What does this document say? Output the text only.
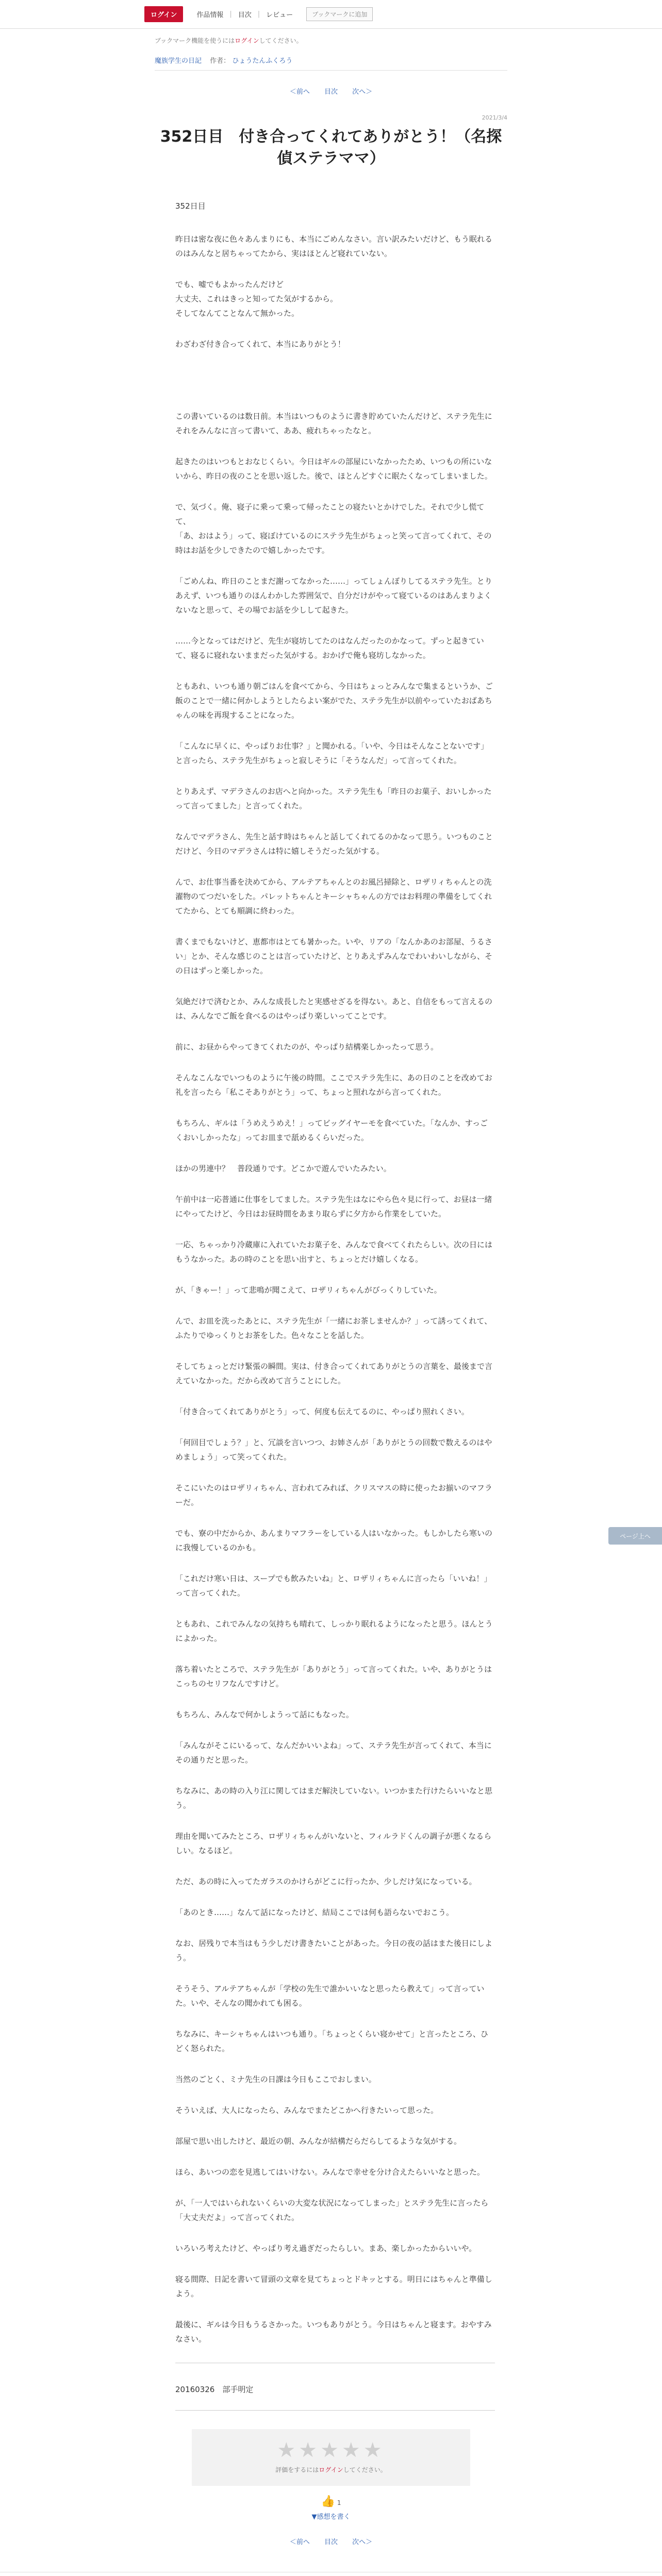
ログイン	作品情報 | 目次 | レビュー	ブックマークに追加
ブックマーク機能を使うにはログインしてください。
魔族学生の日記 作者： ひょうたんふくろう
＜前へ 目次 次へ＞
2021/3/4
352日目　付き合ってくれてありがとう！（名探偵ステラママ）
352日目

昨日は密な夜に色々あんまりにも、本当にごめんなさい。言い訳みたいだけど、もう眠れるのはみんなと居ちゃってたから、実はほとんど寝れていない。

でも、嘘でもよかったんだけど
大丈夫、これはきっと知ってた気がするから。
そしてなんてことなんて無かった。

わざわざ付き合ってくれて、本当にありがとう！

この書いているのは数日前。本当はいつものように書き貯めていたんだけど、ステラ先生にそれをみんなに言って書いて、ああ、疲れちゃったなと。

起きたのはいつもとおなじくらい。今日はギルの部屋にいなかったため、いつもの所にいないから、昨日の夜のことを思い返した。後で、ほとんどすぐに眠たくなってしまいました。

で、気づく。俺、寝子に乗って乗って帰ったことの寝たいとかけでした。それで少し慌てて、
「あ、おはよう」って、寝ぼけているのにステラ先生がちょっと笑って言ってくれて、その時はお話を少しできたので嬉しかったです。

「ごめんね、昨日のことまだ謝ってなかった……」ってしょんぼりしてるステラ先生。とりあえず、いつも通りのほんわかした雰囲気で、自分だけがやって寝ているのはあんまりよくないなと思って、その場でお話を少しして起きた。

……今となってはだけど、先生が寝坊してたのはなんだったのかなって。ずっと起きていて、寝るに寝れないままだった気がする。おかげで俺も寝坊しなかった。

ともあれ、いつも通り朝ごはんを食べてから、今日はちょっとみんなで集まるというか、ご飯のことで一緒に何かしようとしたらよい案がでた、ステラ先生が以前やっていたおばあちゃんの味を再現することになった。

「こんなに早くに、やっぱりお仕事？」と聞かれる。「いや、今日はそんなことないです」と言ったら、ステラ先生がちょっと寂しそうに「そうなんだ」って言ってくれた。

とりあえず、マデラさんのお店へと向かった。ステラ先生も「昨日のお菓子、おいしかったって言ってました」と言ってくれた。

なんでマデラさん、先生と話す時はちゃんと話してくれてるのかなって思う。いつものことだけど、今日のマデラさんは特に嬉しそうだった気がする。

んで、お仕事当番を決めてから、アルテアちゃんとのお風呂掃除と、ロザリィちゃんとの洗濯物のてつだいをした。パレットちゃんとキーシャちゃんの方ではお料理の準備をしてくれてたから、とても順調に終わった。

書くまでもないけど、恵都市はとても暑かった。いや、リアの「なんかあのお部屋、うるさい」とか、そんな感じのことは言っていたけど、とりあえずみんなでわいわいしながら、その日はずっと楽しかった。

気絶だけで済むとか、みんな成長したと実感せざるを得ない。あと、自信をもって言えるのは、みんなでご飯を食べるのはやっぱり楽しいってことです。

前に、お昼からやってきてくれたのが、やっぱり結構楽しかったって思う。

そんなこんなでいつものように午後の時間。ここでステラ先生に、あの日のことを改めてお礼を言ったら「私こそありがとう」って、ちょっと照れながら言ってくれた。

もちろん、ギルは「うめえうめえ！」ってビッグイヤーモを食べていた。「なんか、すっごくおいしかったな」ってお皿まで舐めるくらいだった。

ほかの男連中？　普段通りです。どこかで遊んでいたみたい。

午前中は一応普通に仕事をしてました。ステラ先生はなにやら色々見に行って、お昼は一緒にやってたけど、今日はお昼時間をあまり取らずに夕方から作業をしていた。

一応、ちゃっかり冷蔵庫に入れていたお菓子を、みんなで食べてくれたらしい。次の日にはもうなかった。あの時のことを思い出すと、ちょっとだけ嬉しくなる。

が、「きゃー！」って悲鳴が聞こえて、ロザリィちゃんがびっくりしていた。

んで、お皿を洗ったあとに、ステラ先生が「一緒にお茶しませんか？」って誘ってくれて、ふたりでゆっくりとお茶をした。色々なことを話した。

そしてちょっとだけ緊張の瞬間。実は、付き合ってくれてありがとうの言葉を、最後まで言えていなかった。だから改めて言うことにした。

「付き合ってくれてありがとう」って、何度も伝えてるのに、やっぱり照れくさい。

「何回目でしょう？」と、冗談を言いつつ、お姉さんが「ありがとうの回数で数えるのはやめましょう」って笑ってくれた。

そこにいたのはロザリィちゃん、言われてみれば、クリスマスの時に使ったお揃いのマフラーだ。

でも、寮の中だからか、あんまりマフラーをしている人はいなかった。もしかしたら寒いのに我慢しているのかも。

「これだけ寒い日は、スープでも飲みたいね」と、ロザリィちゃんに言ったら「いいね！」って言ってくれた。

ともあれ、これでみんなの気持ちも晴れて、しっかり眠れるようになったと思う。ほんとうによかった。

落ち着いたところで、ステラ先生が「ありがとう」って言ってくれた。いや、ありがとうはこっちのセリフなんですけど。

もちろん、みんなで何かしようって話にもなった。

「みんながそこにいるって、なんだかいいよね」って、ステラ先生が言ってくれて、本当にその通りだと思った。

ちなみに、あの時の入り江に関してはまだ解決していない。いつかまた行けたらいいなと思う。

理由を聞いてみたところ、ロザリィちゃんがいないと、フィルラドくんの調子が悪くなるらしい。なるほど。

ただ、あの時に入ってたガラスのかけらがどこに行ったか、少しだけ気になっている。

「あのとき……」なんて話になったけど、結局ここでは何も語らないでおこう。

なお、居残りで本当はもう少しだけ書きたいことがあった。今日の夜の話はまた後日にしよう。

そうそう、アルテアちゃんが「学校の先生で誰かいいなと思ったら教えて」って言っていた。いや、そんなの聞かれても困る。

ちなみに、キーシャちゃんはいつも通り。「ちょっとくらい寝かせて」と言ったところ、ひどく怒られた。

当然のごとく、ミナ先生の日課は今日もここでおしまい。

そういえば、大人になったら、みんなでまたどこかへ行きたいって思った。

部屋で思い出したけど、最近の朝、みんなが結構だらだらしてるような気がする。

ほら、あいつの恋を見逃してはいけない。みんなで幸せを分け合えたらいいなと思った。

が、「一人ではいられないくらいの大変な状況になってしまった」とステラ先生に言ったら「大丈夫だよ」って言ってくれた。

いろいろ考えたけど、やっぱり考え過ぎだったらしい。まあ、楽しかったからいいや。

寝る間際、日記を書いて冒頭の文章を見てちょっとドキッとする。明日にはちゃんと準備しよう。

最後に、ギルは今日もうるさかった。いつもありがとう。今日はちゃんと寝ます。おやすみなさい。

20160326　部手明定
★★★★★
評価をするにはログインしてください。
👍 1
▼感想を書く
＜前へ 目次 次へ＞
ページ上へ
